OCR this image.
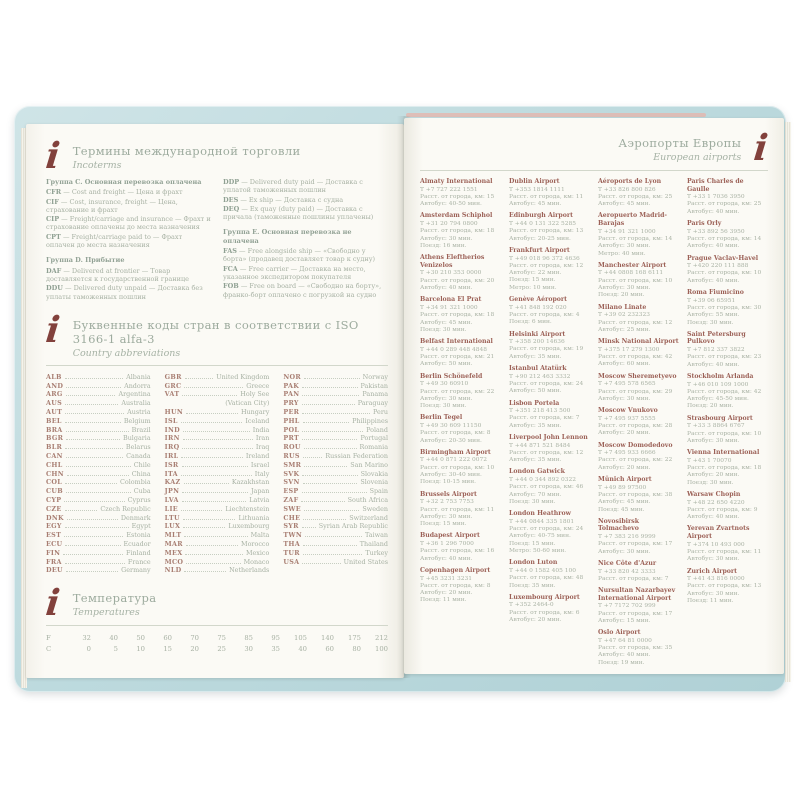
i Термины международной торговли
Incoterms
Группа C. Основная перевозка оплачена
CFR — Cost and freight — Цена и фрахт
CIF — Cost, insurance, freight — Цена, страхование и фрахт
CIP — Freight/carriage and insurance — Фрахт и страхование оплачены до места назначения
CPT — Freight/carriage paid to — Фрахт оплачен до места назначения
Группа D. Прибытие
DAF — Delivered at frontier — Товар доставляется к государственной границе
DDU — Delivered duty unpaid — Доставка без уплаты таможенных пошлин
DDP — Delivered duty paid — Доставка с уплатой таможенных пошлин
DES — Ex ship — Доставка с судна
DEQ — Ex quay (duty paid) — Доставка с причала (таможенные пошлины уплачены)
Группа E. Основная перевозка не оплачена
FAS — Free alongside ship — «Свободно у борта» (продавец доставляет товар к судну)
FCA — Free carrier — Доставка на место, указанное экспедитором покупателя
FOB — Free on board — «Свободно на борту», франко-борт оплачено с погрузкой на судно
i Буквенные коды стран в соответствии с ISO 3166-1 alfa-3
Country abbreviations
ALB	Albania
AND	Andorra
ARG	Argentina
AUS	Australia
AUT	Austria
BEL	Belgium
BRA	Brazil
BGR	Bulgaria
BLR	Belarus
CAN	Canada
CHL	Chile
CHN	China
COL	Colombia
CUB	Cuba
CYP	Cyprus
CZE	Czech Republic
DNK	Denmark
EGY	Egypt
EST	Estonia
ECU	Ecuador
FIN	Finland
FRA	France
DEU	Germany
GBR	United Kingdom
GRC	Greece
VAT	Holy See
(Vatican City)
HUN	Hungary
ISL	Iceland
IND	India
IRN	Iran
IRQ	Iraq
IRL	Ireland
ISR	Israel
ITA	Italy
KAZ	Kazakhstan
JPN	Japan
LVA	Latvia
LIE	Liechtenstein
LTU	Lithuania
LUX	Luxembourg
MLT	Malta
MAR	Morocco
MEX	Mexico
MCO	Monaco
NLD	Netherlands
NOR	Norway
PAK	Pakistan
PAN	Panama
PRY	Paraguay
PER	Peru
PHL	Philippines
POL	Poland
PRT	Portugal
ROU	Romania
RUS	Russian Federation
SMR	San Marino
SVK	Slovakia
SVN	Slovenia
ESP	Spain
ZAF	South Africa
SWE	Sweden
CHE	Switzerland
SYR	Syrian Arab Republic
TWN	Taiwan
THA	Thailand
TUR	Turkey
USA	United States
i Температура
Temperatures
F	32	40	50	60	70	75	85	95	105	140	175	212
C	0	5	10	15	20	25	30	35	40	60	80	100
Аэропорты Европы
European airports i
Almaty International
Т +7 727 222 1551
Расст. от города, км: 15
Автобус: 40-50 мин.
Amsterdam Schiphol
Т +31 20 794 0800
Расст. от города, км: 18
Автобус: 30 мин.
Поезд: 16 мин.
Athens Eleftherios Venizelos
Т +30 210 353 0000
Расст. от города, км: 20
Автобус: 40 мин.
Barcelona El Prat
Т +34 91 321 1000
Расст. от города, км: 18
Автобус: 45 мин.
Поезд: 30 мин.
Belfast International
Т +44 0 289 448 4848
Расст. от города, км: 21
Автобус: 50 мин.
Berlin Schönefeld
Т +49 30 60910
Расст. от города, км: 22
Автобус: 30 мин.
Поезд: 30 мин.
Berlin Tegel
Т +49 30 609 11150
Расст. от города, км: 8
Автобус: 20-30 мин.
Birmingham Airport
Т +44 0 871 222 0072
Расст. от города, км: 10
Автобус: 30-40 мин.
Поезд: 10-15 мин.
Brussels Airport
Т +32 2 753 7753
Расст. от города, км: 11
Автобус: 30 мин.
Поезд: 15 мин.
Budapest Airport
Т +36 1 296 7000
Расст. от города, км: 16
Автобус: 40 мин.
Copenhagen Airport
Т +45 3231 3231
Расст. от города, км: 8
Автобус: 20 мин.
Поезд: 11 мин.
Dublin Airport
Т +353 1814 1111
Расст. от города, км: 11
Автобус: 45 мин.
Edinburgh Airport
Т +44 0 131 322 5285
Расст. от города, км: 13
Автобус: 20-25 мин.
Frankfurt Airport
Т +49 018 96 372 4636
Расст. от города, км: 12
Автобус: 22 мин.
Поезд: 15 мин.
Метро: 10 мин.
Genève Aéroport
Т +41 848 192 020
Расст. от города, км: 4
Поезд: 6 мин.
Helsinki Airport
Т +358 200 14636
Расст. от города, км: 19
Автобус: 35 мин.
Istanbul Atatürk
Т +90 212 463 3332
Расст. от города, км: 24
Автобус: 50 мин.
Lisbon Portela
Т +351 218 413 500
Расст. от города, км: 7
Автобус: 35 мин.
Liverpool John Lennon
Т +44 871 521 8484
Расст. от города, км: 12
Автобус: 35 мин.
London Gatwick
Т +44 0 344 892 0322
Расст. от города, км: 46
Автобус: 70 мин.
Поезд: 30 мин.
London Heathrow
Т +44 0844 335 1801
Расст. от города, км: 24
Автобус: 40-75 мин.
Поезд: 15 мин.
Метро: 50-60 мин.
London Luton
Т +44 0 1582 405 100
Расст. от города, км: 48
Поезд: 35 мин.
Luxembourg Airport
Т +352 2464-0
Расст. от города, км: 6
Автобус: 20 мин.
Aéroports de Lyon
Т +33 826 800 826
Расст. от города, км: 25
Автобус: 45 мин.
Aeropuerto Madrid-Barajas
Т +34 91 321 1000
Расст. от города, км: 14
Автобус: 30 мин.
Метро: 40 мин.
Manchester Airport
Т +44 0808 168 6111
Расст. от города, км: 10
Автобус: 30 мин.
Поезд: 20 мин.
Milano Linate
Т +39 02 232323
Расст. от города, км: 12
Автобус: 25 мин.
Minsk National Airport
Т +375 17 279 1300
Расст. от города, км: 42
Автобус: 60 мин.
Moscow Sheremetyevo
Т +7 495 578 6565
Расст. от города, км: 29
Автобус: 30 мин.
Moscow Vnukovo
Т +7 495 937 5555
Расст. от города, км: 28
Автобус: 20 мин.
Moscow Domodedovo
Т +7 495 933 6666
Расст. от города, км: 22
Автобус: 20 мин.
Münich Airport
Т +49 89 97500
Расст. от города, км: 38
Автобус: 45 мин.
Поезд: 45 мин.
Novosibirsk Tolmachevo
Т +7 383 216 9999
Расст. от города, км: 17
Автобус: 30 мин.
Nice Côte d'Azur
Т +33 820 42 3333
Расст. от города, км: 7
Nursultan Nazarbayev International Airport
Т +7 7172 702 999
Расст. от города, км: 17
Автобус: 15 мин.
Oslo Airport
Т +47 64 81 0000
Расст. от города, км: 35
Автобус: 40 мин.
Поезд: 19 мин.
Paris Charles de Gaulle
Т +33 1 7036 3950
Расст. от города, км: 25
Автобус: 40 мин.
Paris Orly
Т +33 892 56 3950
Расст. от города, км: 14
Автобус: 40 мин.
Prague Vaclav-Havel
Т +420 220 111 888
Расст. от города, км: 10
Автобус: 40 мин.
Roma Fiumicino
Т +39 06 65951
Расст. от города, км: 30
Автобус: 55 мин.
Поезд: 30 мин.
Saint Petersburg Pulkovo
Т +7 812 337 3822
Расст. от города, км: 23
Автобус: 40 мин.
Stockholm Arlanda
Т +46 010 109 1000
Расст. от города, км: 42
Автобус: 45-50 мин.
Поезд: 20 мин.
Strasbourg Airport
Т +33 3 8864 6767
Расст. от города, км: 10
Автобус: 30 мин.
Vienna International
Т +43 1 70070
Расст. от города, км: 18
Автобус: 20 мин.
Поезд: 30 мин.
Warsaw Chopin
Т +48 22 650 4220
Расст. от города, км: 9
Автобус: 40 мин.
Yerevan Zvartnots Airport
Т +374 10 493 000
Расст. от города, км: 11
Автобус: 30 мин.
Zurich Airport
Т +41 43 816 0000
Расст. от города, км: 13
Автобус: 30 мин.
Поезд: 11 мин.
